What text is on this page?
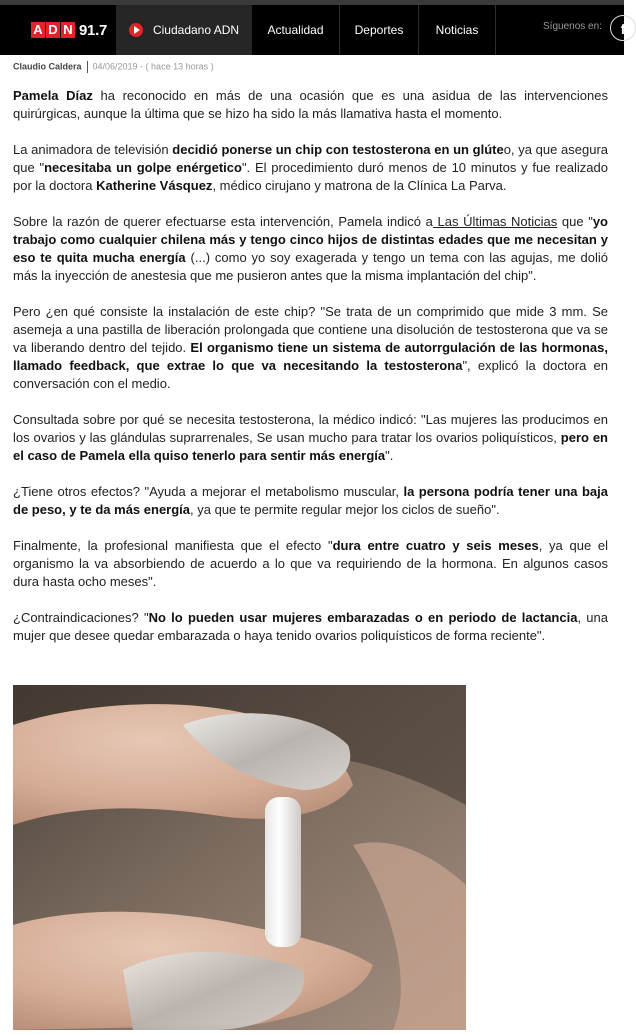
A D N 91.7	Ciudadano ADN Actualidad	Deportes	Noticias	Síguenos en:	f
Claudio Caldera 04/06/2019 - ( hace 13 horas )

Pamela Díaz ha reconocido en más de una ocasión que es una asidua de las intervenciones quirúrgicas, aunque la última que se hizo ha sido la más llamativa hasta el momento.

La animadora de televisión decidió ponerse un chip con testosterona en un glúteo, ya que asegura que "necesitaba un golpe enérgetico". El procedimiento duró menos de 10 minutos y fue realizado por la doctora Katherine Vásquez, médico cirujano y matrona de la Clínica La Parva.

Sobre la razón de querer efectuarse esta intervención, Pamela indicó a Las Últimas Noticias que "yo trabajo como cualquier chilena más y tengo cinco hijos de distintas edades que me necesitan y eso te quita mucha energía (...) como yo soy exagerada y tengo un tema con las agujas, me dolió más la inyección de anestesia que me pusieron antes que la misma implantación del chip".

Pero ¿en qué consiste la instalación de este chip? "Se trata de un comprimido que mide 3 mm. Se asemeja a una pastilla de liberación prolongada que contiene una disolución de testosterona que va se va liberando dentro del tejido. El organismo tiene un sistema de autorrgulación de las hormonas, llamado feedback, que extrae lo que va necesitando la testosterona", explicó la doctora en conversación con el medio.

Consultada sobre por qué se necesita testosterona, la médico indicó: "Las mujeres las producimos en los ovarios y las glándulas suprarrenales, Se usan mucho para tratar los ovarios poliquísticos, pero en el caso de Pamela ella quiso tenerlo para sentir más energía".

¿Tiene otros efectos? "Ayuda a mejorar el metabolismo muscular, la persona podría tener una baja de peso, y te da más energía, ya que te permite regular mejor los ciclos de sueño".

Finalmente, la profesional manifiesta que el efecto "dura entre cuatro y seis meses, ya que el organismo la va absorbiendo de acuerdo a lo que va requiriendo de la hormona. En algunos casos dura hasta ocho meses".

¿Contraindicaciones? "No lo pueden usar mujeres embarazadas o en periodo de lactancia, una mujer que desee quedar embarazada o haya tenido ovarios poliquísticos de forma reciente".
